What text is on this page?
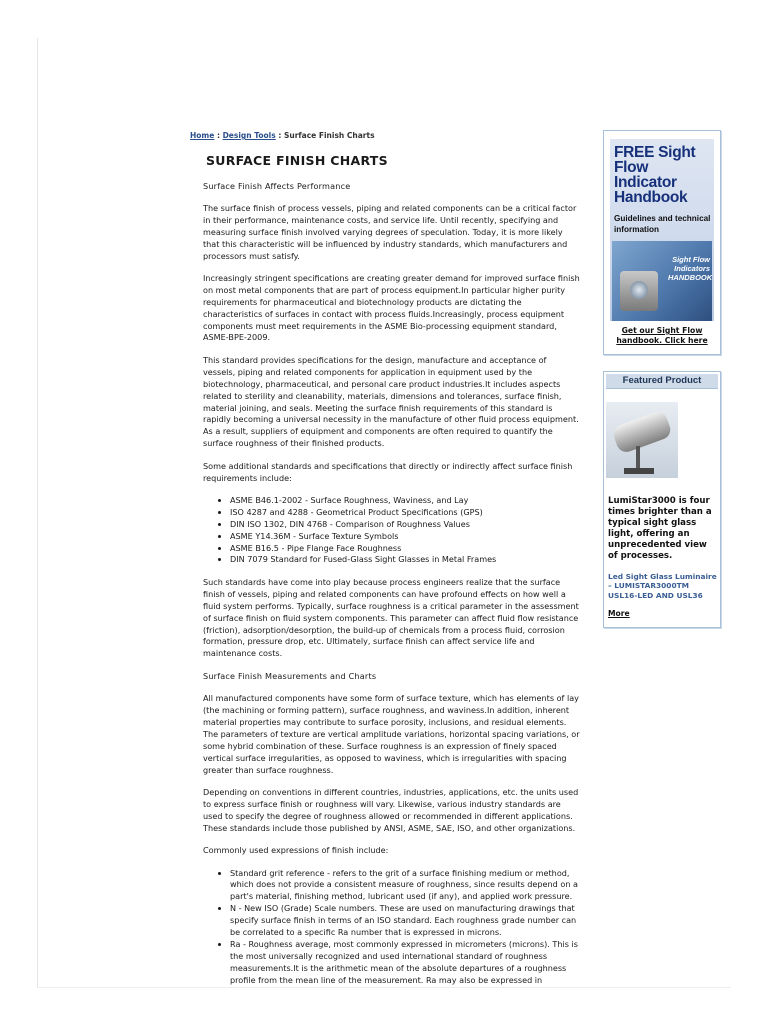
Home : Design Tools : Surface Finish Charts
SURFACE FINISH CHARTS
Surface Finish Affects Performance

The surface finish of process vessels, piping and related components can be a critical factor in their performance, maintenance costs, and service life. Until recently, specifying and measuring surface finish involved varying degrees of speculation. Today, it is more likely that this characteristic will be influenced by industry standards, which manufacturers and processors must satisfy.

Increasingly stringent specifications are creating greater demand for improved surface finish on most metal components that are part of process equipment.In particular higher purity requirements for pharmaceutical and biotechnology products are dictating the characteristics of surfaces in contact with process fluids.Increasingly, process equipment components must meet requirements in the ASME Bio-processing equipment standard, ASME-BPE-2009.

This standard provides specifications for the design, manufacture and acceptance of vessels, piping and related components for application in equipment used by the biotechnology, pharmaceutical, and personal care product industries.It includes aspects related to sterility and cleanability, materials, dimensions and tolerances, surface finish, material joining, and seals. Meeting the surface finish requirements of this standard is rapidly becoming a universal necessity in the manufacture of other fluid process equipment. As a result, suppliers of equipment and components are often required to quantify the surface roughness of their finished products.

Some additional standards and specifications that directly or indirectly affect surface finish requirements include:

• ASME B46.1-2002 - Surface Roughness, Waviness, and Lay
• ISO 4287 and 4288 - Geometrical Product Specifications (GPS)
• DIN ISO 1302, DIN 4768 - Comparison of Roughness Values
• ASME Y14.36M - Surface Texture Symbols
• ASME B16.5 - Pipe Flange Face Roughness
• DIN 7079 Standard for Fused-Glass Sight Glasses in Metal Frames

Such standards have come into play because process engineers realize that the surface finish of vessels, piping and related components can have profound effects on how well a fluid system performs. Typically, surface roughness is a critical parameter in the assessment of surface finish on fluid system components. This parameter can affect fluid flow resistance (friction), adsorption/desorption, the build-up of chemicals from a process fluid, corrosion formation, pressure drop, etc. Ultimately, surface finish can affect service life and maintenance costs.

Surface Finish Measurements and Charts

All manufactured components have some form of surface texture, which has elements of lay (the machining or forming pattern), surface roughness, and waviness.In addition, inherent material properties may contribute to surface porosity, inclusions, and residual elements. The parameters of texture are vertical amplitude variations, horizontal spacing variations, or some hybrid combination of these. Surface roughness is an expression of finely spaced vertical surface irregularities, as opposed to waviness, which is irregularities with spacing greater than surface roughness.

Depending on conventions in different countries, industries, applications, etc. the units used to express surface finish or roughness will vary. Likewise, various industry standards are used to specify the degree of roughness allowed or recommended in different applications. These standards include those published by ANSI, ASME, SAE, ISO, and other organizations.

Commonly used expressions of finish include:

• Standard grit reference - refers to the grit of a surface finishing medium or method, which does not provide a consistent measure of roughness, since results depend on a part's material, finishing method, lubricant used (if any), and applied work pressure.
• N - New ISO (Grade) Scale numbers. These are used on manufacturing drawings that specify surface finish in terms of an ISO standard. Each roughness grade number can be correlated to a specific Ra number that is expressed in microns.
• Ra - Roughness average, most commonly expressed in micrometers (microns). This is the most universally recognized and used international standard of roughness measurements.It is the arithmetic mean of the absolute departures of a roughness profile from the mean line of the measurement. Ra may also be expressed in
FREE Sight Flow Indicator Handbook
Guidelines and technical information
Sight Flow Indicators HANDBOOK
Get our Sight Flow handbook. Click here
Featured Product
LumiStar3000 is four times brighter than a typical sight glass light, offering an unprecedented view of processes.
Led Sight Glass Luminaire – LUMISTAR3000TM USL16-LED AND USL36
More
